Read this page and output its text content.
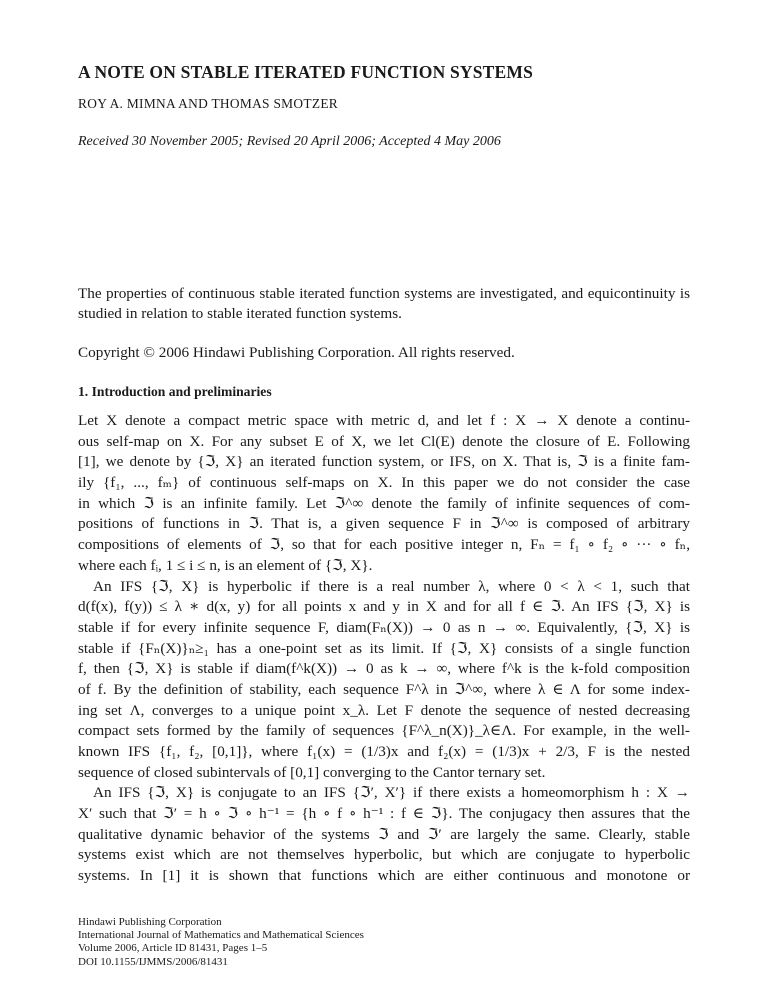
A NOTE ON STABLE ITERATED FUNCTION SYSTEMS
ROY A. MIMNA AND THOMAS SMOTZER
Received 30 November 2005; Revised 20 April 2006; Accepted 4 May 2006

The properties of continuous stable iterated function systems are investigated, and equicontinuity is studied in relation to stable iterated function systems.

Copyright © 2006 Hindawi Publishing Corporation. All rights reserved.
1. Introduction and preliminaries
Let X denote a compact metric space with metric d, and let f : X → X denote a continu-
ous self-map on X. For any subset E of X, we let Cl(E) denote the closure of E. Following
[1], we denote by {ℑ, X} an iterated function system, or IFS, on X. That is, ℑ is a finite fam-
ily {f₁, ..., fₘ} of continuous self-maps on X. In this paper we do not consider the case
in which ℑ is an infinite family. Let ℑ^∞ denote the family of infinite sequences of com-
positions of functions in ℑ. That is, a given sequence F in ℑ^∞ is composed of arbitrary
compositions of elements of ℑ, so that for each positive integer n, Fₙ = f₁ ∘ f₂ ∘ ··· ∘ fₙ,
where each fᵢ, 1 ≤ i ≤ n, is an element of {ℑ, X}.
An IFS {ℑ, X} is hyperbolic if there is a real number λ, where 0 < λ < 1, such that
d(f(x), f(y)) ≤ λ ∗ d(x, y) for all points x and y in X and for all f ∈ ℑ. An IFS {ℑ, X} is
stable if for every infinite sequence F, diam(Fₙ(X)) → 0 as n → ∞. Equivalently, {ℑ, X} is
stable if {Fₙ(X)}ₙ≥₁ has a one-point set as its limit. If {ℑ, X} consists of a single function
f, then {ℑ, X} is stable if diam(f^k(X)) → 0 as k → ∞, where f^k is the k-fold composition
of f. By the definition of stability, each sequence F^λ in ℑ^∞, where λ ∈ Λ for some index-
ing set Λ, converges to a unique point x_λ. Let F denote the sequence of nested decreasing
compact sets formed by the family of sequences {F^λ_n(X)}_λ∈Λ. For example, in the well-
known IFS {f₁, f₂, [0,1]}, where f₁(x) = (1/3)x and f₂(x) = (1/3)x + 2/3, F is the nested
sequence of closed subintervals of [0,1] converging to the Cantor ternary set.
An IFS {ℑ, X} is conjugate to an IFS {ℑ′, X′} if there exists a homeomorphism h : X →
X′ such that ℑ′ = h ∘ ℑ ∘ h⁻¹ = {h ∘ f ∘ h⁻¹ : f ∈ ℑ}. The conjugacy then assures that the
qualitative dynamic behavior of the systems ℑ and ℑ′ are largely the same. Clearly, stable
systems exist which are not themselves hyperbolic, but which are conjugate to hyperbolic
systems. In [1] it is shown that functions which are either continuous and monotone or
Hindawi Publishing Corporation
International Journal of Mathematics and Mathematical Sciences
Volume 2006, Article ID 81431, Pages 1–5
DOI 10.1155/IJMMS/2006/81431
